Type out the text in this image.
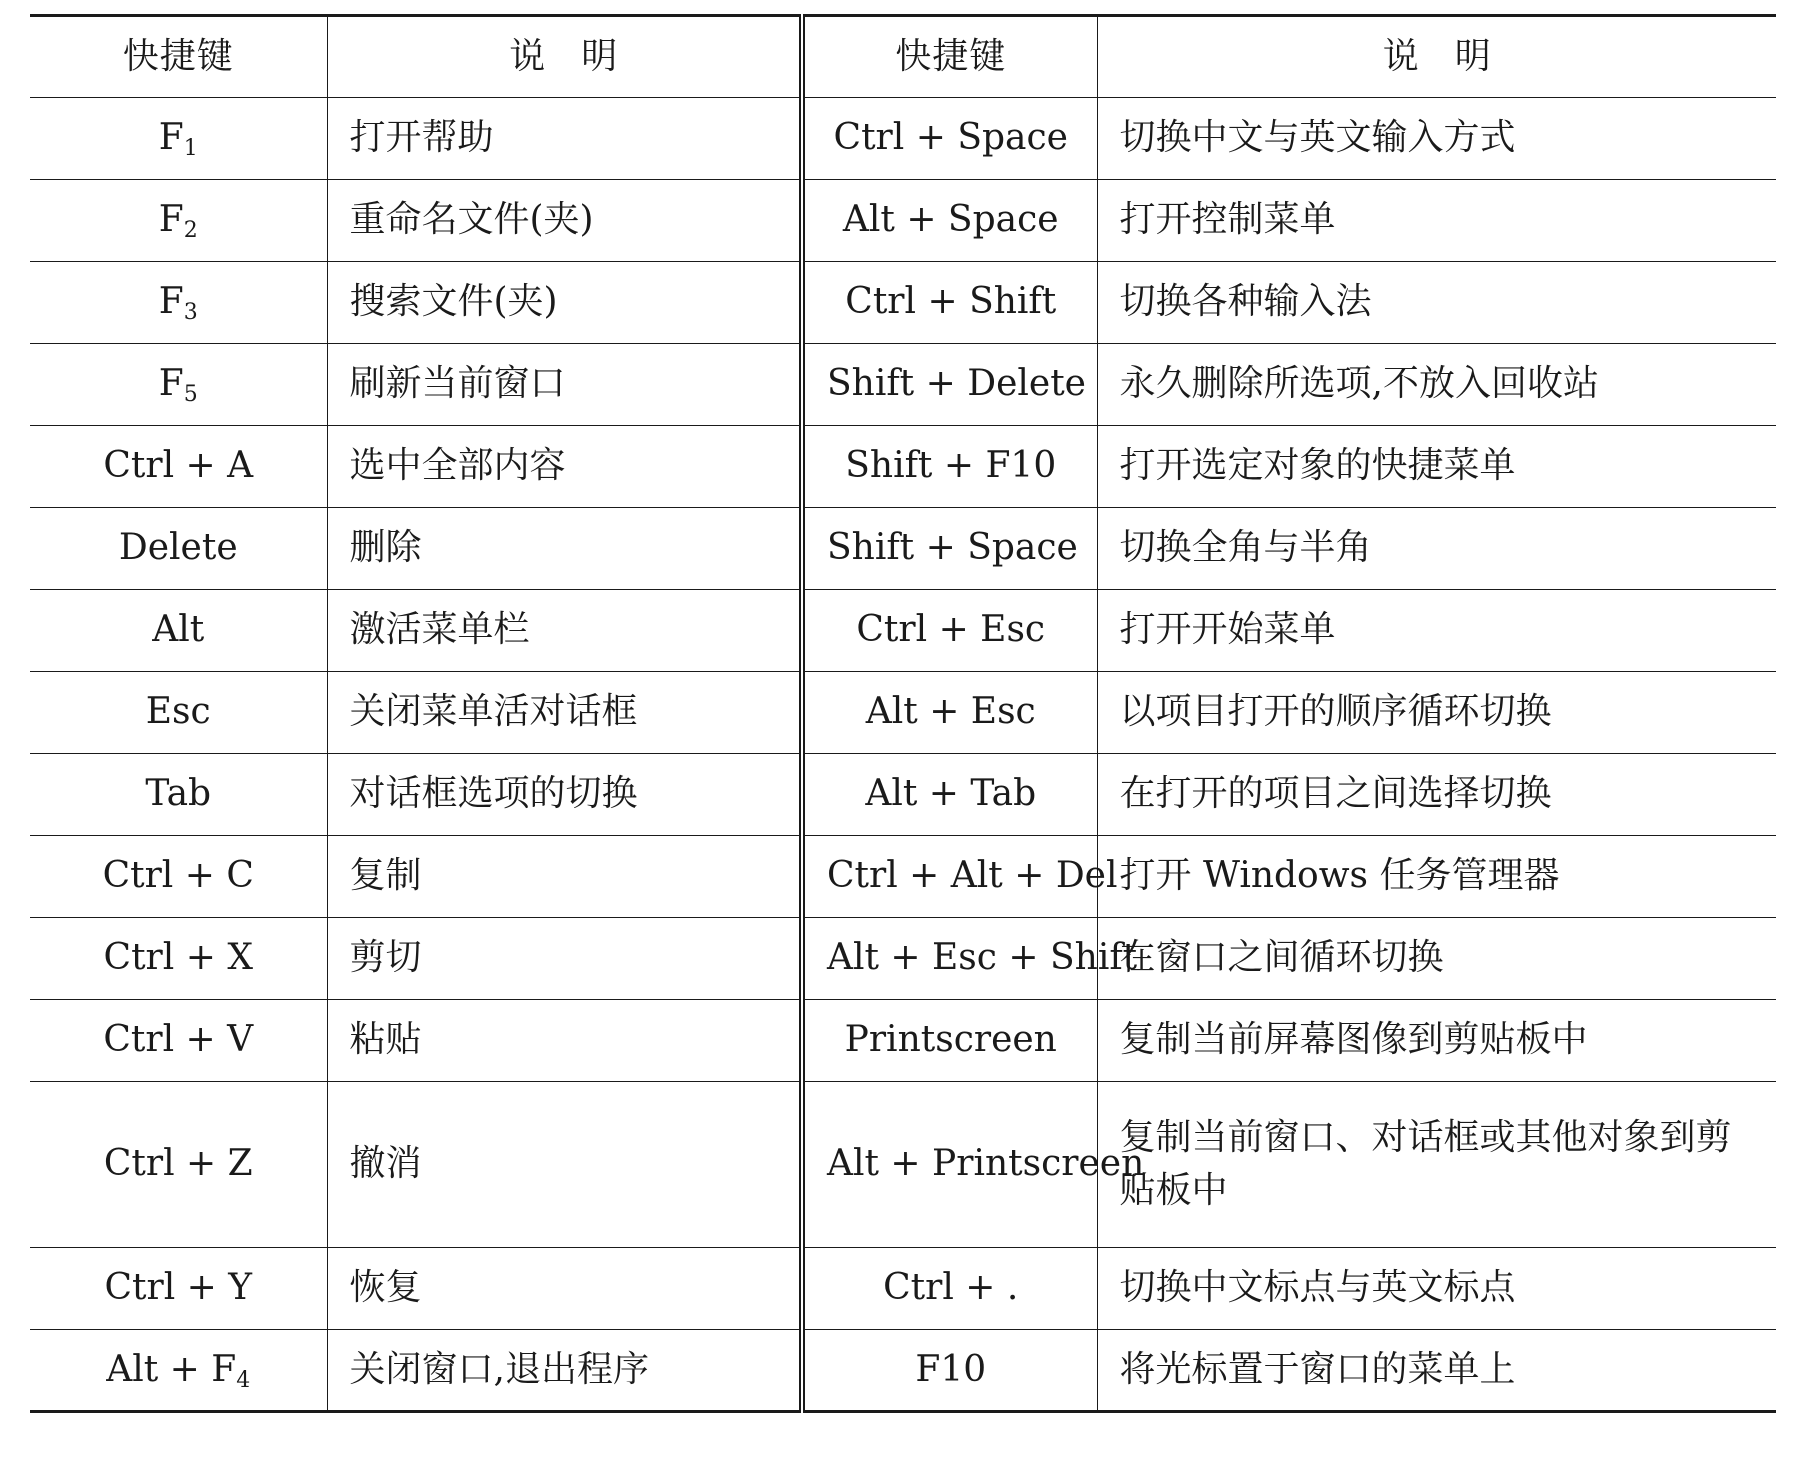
快捷键	说明	快捷键	说明
$F_1$	打开帮助	Ctrl + Space	切换中文与英文输入方式
$F_2$	重命名文件(夹)	Alt + Space	打开控制菜单
$F_3$	搜索文件(夹)	Ctrl + Shift	切换各种输入法
$F_5$	刷新当前窗口	Shift + Delete	永久删除所选项,不放入回收站
Ctrl + A	选中全部内容	Shift + F10	打开选定对象的快捷菜单
Delete	删除	Shift + Space	切换全角与半角
Alt	激活菜单栏	Ctrl + Esc	打开开始菜单
Esc	关闭菜单活对话框	Alt + Esc	以项目打开的顺序循环切换
Tab	对话框选项的切换	Alt + Tab	在打开的项目之间选择切换
Ctrl + C	复制	Ctrl + Alt + Del	打开 Windows 任务管理器
Ctrl + X	剪切	Alt + Esc + Shift	在窗口之间循环切换
Ctrl + V	粘贴	Printscreen	复制当前屏幕图像到剪贴板中
Ctrl + Z	撤消	Alt + Printscreen	复制当前窗口、对话框或其他对象到剪贴板中
Ctrl + Y	恢复	Ctrl + .	切换中文标点与英文标点
Alt + $F_4$	关闭窗口,退出程序	F10	将光标置于窗口的菜单上
